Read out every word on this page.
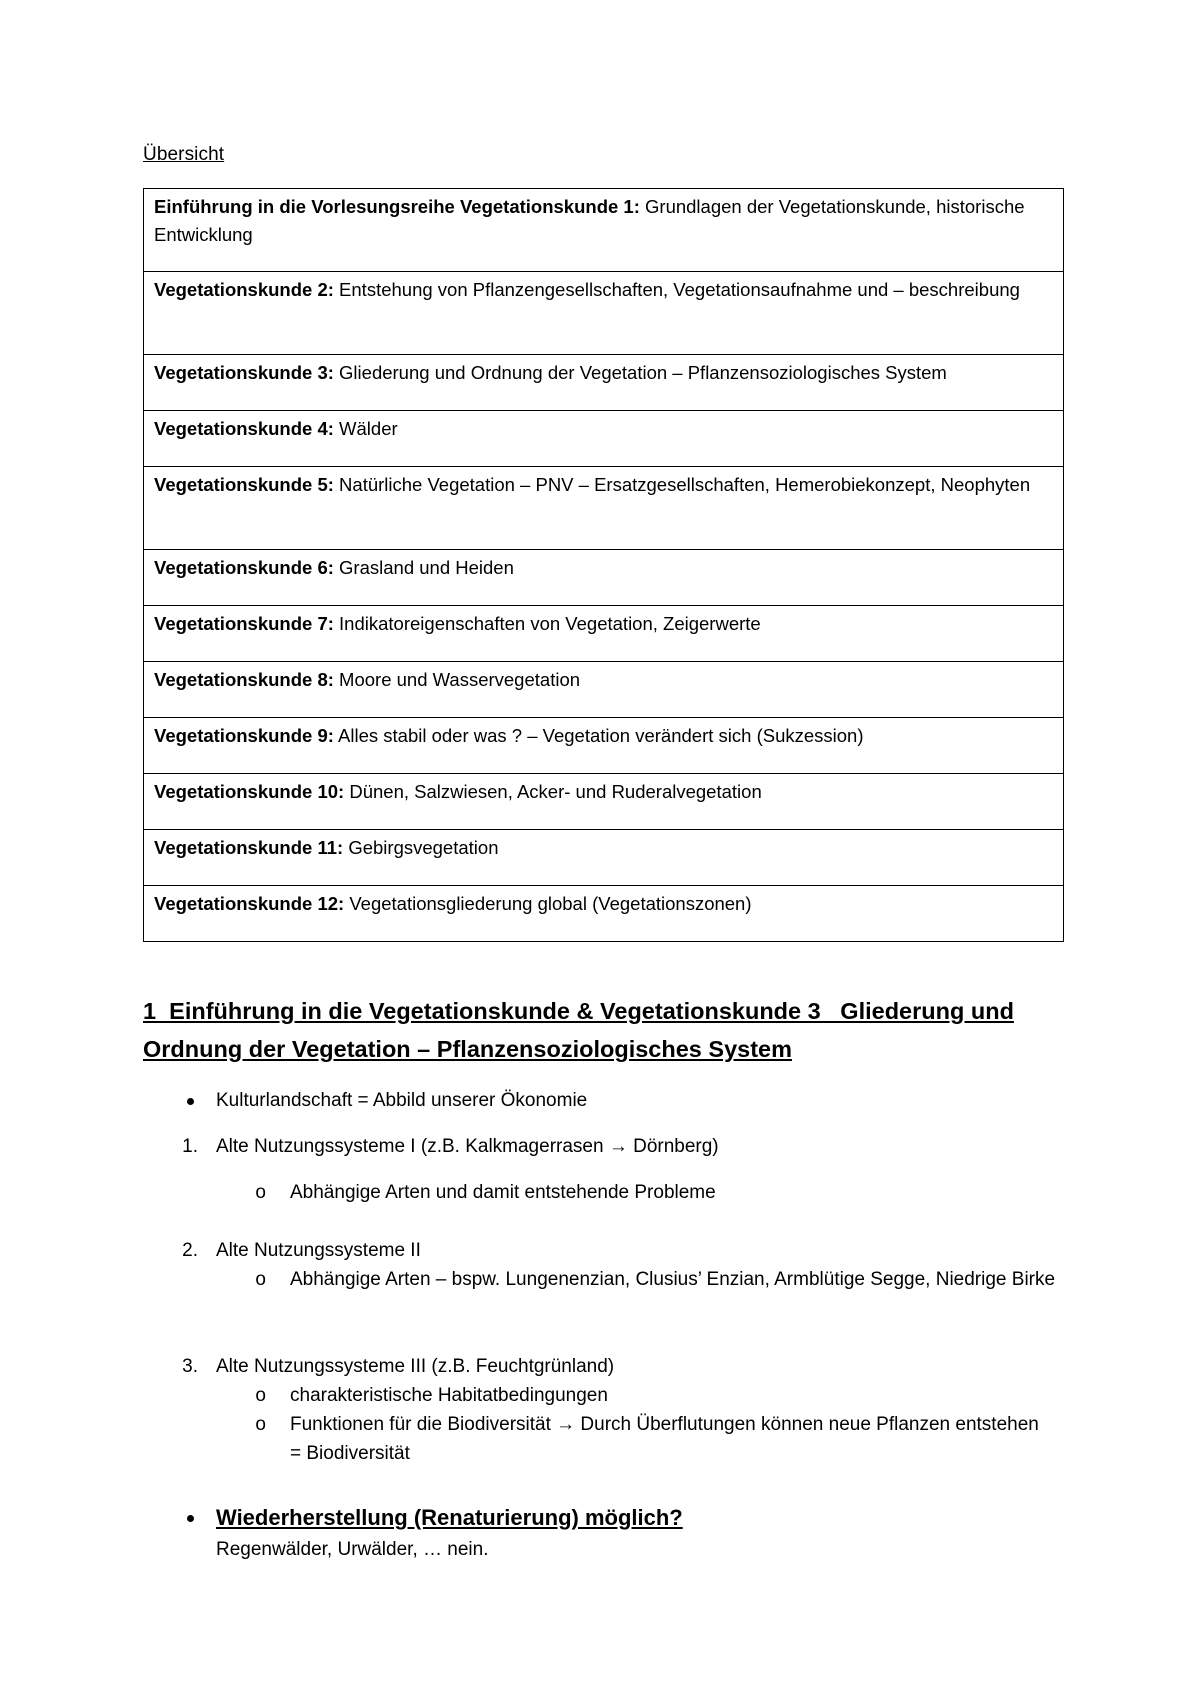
Übersicht
Einführung in die Vorlesungsreihe Vegetationskunde 1: Grundlagen der Vegetationskunde, historische Entwicklung
Vegetationskunde 2: Entstehung von Pflanzengesellschaften, Vegetationsaufnahme und – beschreibung
Vegetationskunde 3: Gliederung und Ordnung der Vegetation – Pflanzensoziologisches System
Vegetationskunde 4: Wälder
Vegetationskunde 5: Natürliche Vegetation – PNV – Ersatzgesellschaften, Hemerobiekonzept, Neophyten
Vegetationskunde 6: Grasland und Heiden
Vegetationskunde 7: Indikatoreigenschaften von Vegetation, Zeigerwerte
Vegetationskunde 8: Moore und Wasservegetation
Vegetationskunde 9: Alles stabil oder was ? – Vegetation verändert sich (Sukzession)
Vegetationskunde 10: Dünen, Salzwiesen, Acker- und Ruderalvegetation
Vegetationskunde 11: Gebirgsvegetation
Vegetationskunde 12: Vegetationsgliederung global (Vegetationszonen)
1_Einführung in die Vegetationskunde & Vegetationskunde 3_ Gliederung und Ordnung der Vegetation – Pflanzensoziologisches System
Kulturlandschaft = Abbild unserer Ökonomie
1. Alte Nutzungssysteme I (z.B. Kalkmagerrasen → Dörnberg)
o Abhängige Arten und damit entstehende Probleme
2. Alte Nutzungssysteme II
o Abhängige Arten – bspw. Lungenenzian, Clusius’ Enzian, Armblütige Segge, Niedrige Birke
3. Alte Nutzungssysteme III (z.B. Feuchtgrünland)
o charakteristische Habitatbedingungen
o Funktionen für die Biodiversität → Durch Überflutungen können neue Pflanzen entstehen = Biodiversität
Wiederherstellung (Renaturierung) möglich?
Regenwälder, Urwälder, … nein.
